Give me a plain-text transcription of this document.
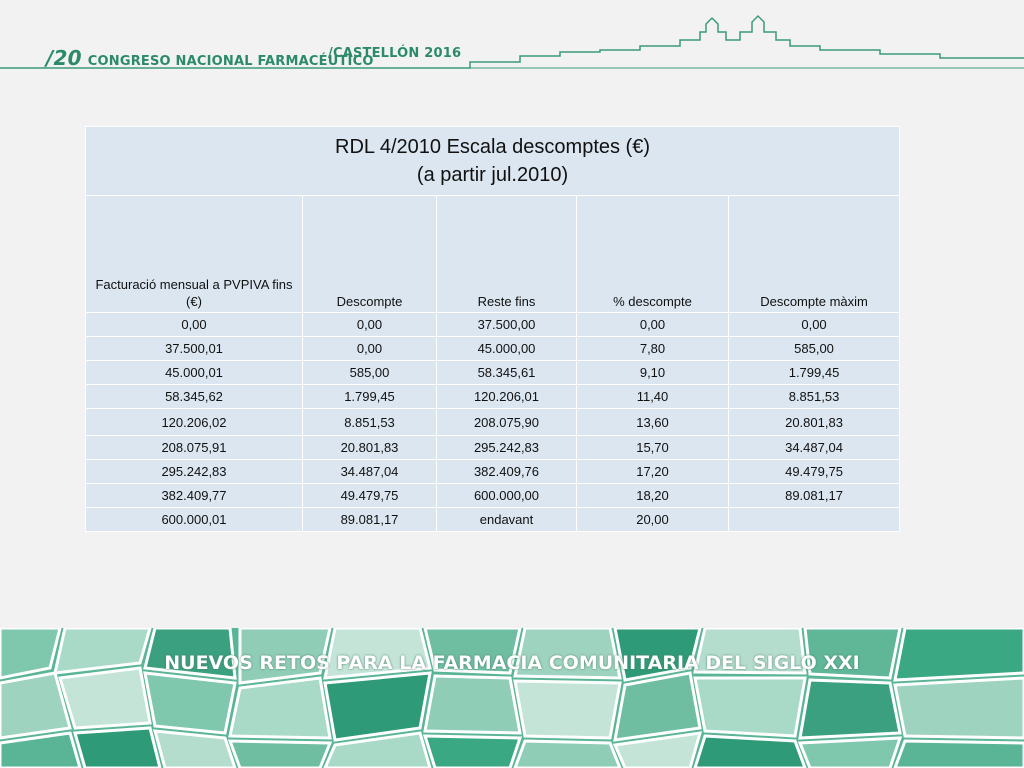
/20 CONGRESO NACIONAL FARMACÉUTICO
/CASTELLÓN 2016
RDL 4/2010 Escala descomptes (€)
(a partir jul.2010)				

Facturació mensual a PVPIVA fins (€)	Descompte	Reste fins	% descompte	Descompte màxim
0,00	0,00	37.500,00	0,00	0,00
37.500,01	0,00	45.000,00	7,80	585,00
45.000,01	585,00	58.345,61	9,10	1.799,45
58.345,62	1.799,45	120.206,01	11,40	8.851,53
120.206,02	8.851,53	208.075,90	13,60	20.801,83
208.075,91	20.801,83	295.242,83	15,70	34.487,04
295.242,83	34.487,04	382.409,76	17,20	49.479,75
382.409,77	49.479,75	600.000,00	18,20	89.081,17
600.000,01	89.081,17	endavant	20,00	
NUEVOS RETOS PARA LA FARMACIA COMUNITARIA DEL SIGLO XXI
